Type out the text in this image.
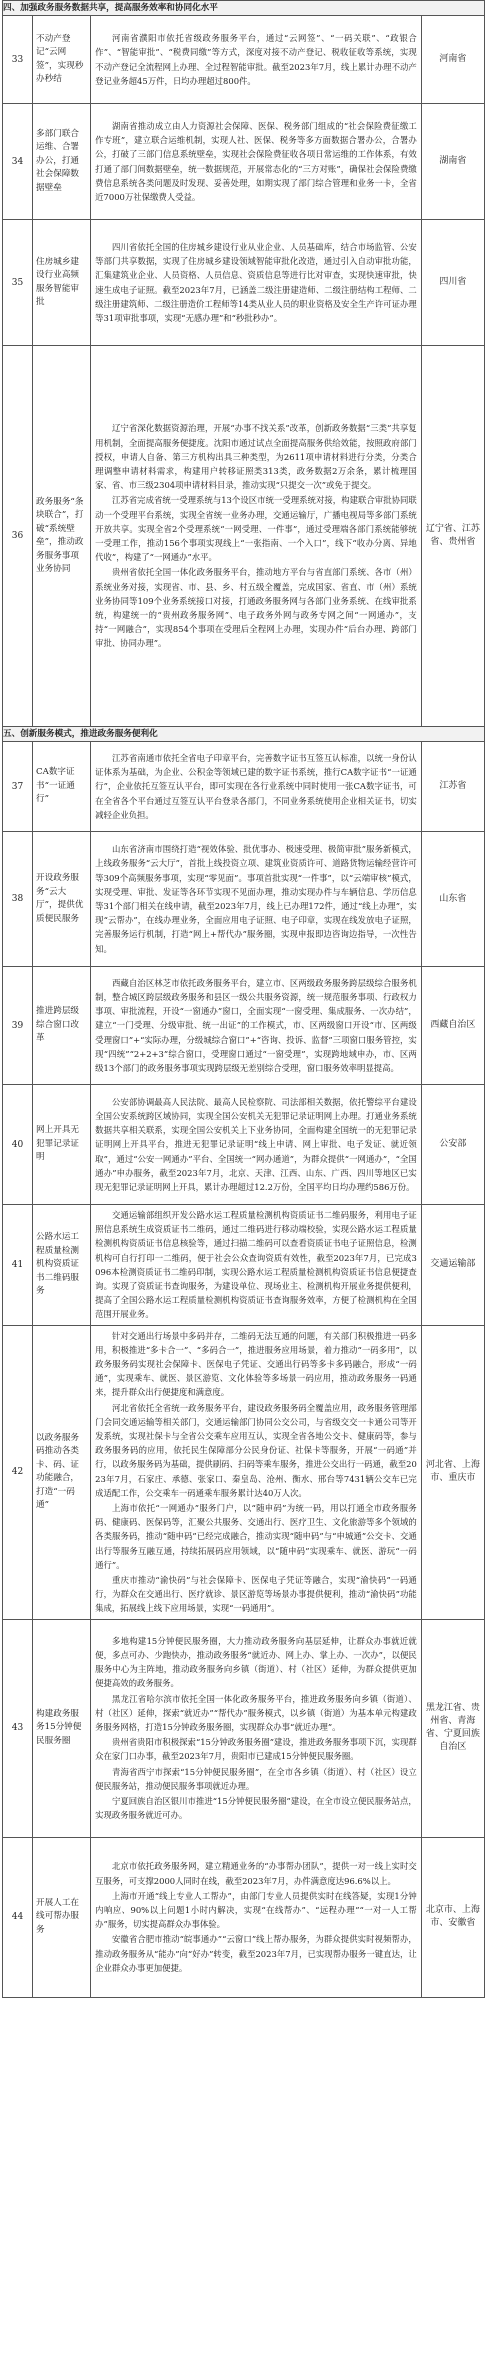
四、加强政务服务数据共享，提高服务效率和协同化水平			
33	不动产登记“云网签”，实现秒办秒结	河南省濮阳市依托省级政务服务平台，通过“云网签”、“一码关联”、“政银合作”、“智能审批”、“税费同缴”等方式，深度对接不动产登记、税收征收等系统，实现不动产登记全流程网上办理、全过程智能审批。截至2023年7月，线上累计办理不动产登记业务超45万件，日均办理超过800件。	河南省
34	多部门联合运维、合署办公，打通社会保障数据壁垒	湖南省推动成立由人力资源社会保障、医保、税务部门组成的“社会保险费征缴工作专班”，建立联合运维机制，实现人社、医保、税务等多方面数据合署办公，合署办公，打破了三部门信息系统壁垒，实现社会保险费征收各项日常运维的工作体系，有效打通了部门间数据壁垒，统一数据规范，开展常态化的“三方对账”，确保社会保险费缴费信息系统各类问题及时发现、妥善处理，如期实现了部门综合管理和业务一卡，全省近7000万社保缴费人受益。	湖南省
35	住房城乡建设行业高频服务智能审批	四川省依托全国的住房城乡建设行业从业企业、人员基础库，结合市场监管、公安等部门共享数据，实现了住房城乡建设领域智能审批化改造，通过引入自动审批功能，汇集建筑业企业、人员资格、人员信息、资质信息等进行比对审查，实现快速审批，快速生成电子证照。截至2023年7月，已涵盖二级注册建造师、二级注册结构工程师、二级注册建筑师、二级注册造价工程师等14类从业人员的职业资格及安全生产许可证办理等31项审批事项，实现“无感办理”和“秒批秒办”。	四川省
36	政务服务“条块联合”，打破“系统壁垒”，推动政务服务事项业务协同	辽宁省深化数据资源治理，开展“办事不找关系”改革，创新政务数据“三类”共享复用机制，全面提高服务便捷度。沈阳市通过试点全面提高服务供给效能，按照政府部门授权，申请人自备、第三方机构出具三种类型，为2611项申请材料进行分类，分类合理调整申请材料需求，构建用户转移证照类313类，政务数据2万余条，累计梳理国家、省、市三级2304项申请材料目录，推动实现“只提交一次”或免于提交。

江苏省完成省统一受理系统与13个设区市统一受理系统对接，构建联合审批协同联动一个受理平台系统，实现全省统一业务办理，交通运输厅，广播电视局等多部门系统开放共享。实现全省2个受理系统“一网受理、一件事”，通过受理端各部门系统能够统一受理工作，推动156个事项实现线上“一张指南、一个入口”，线下“收办分离、异地代收”，构建了“一网通办”水平。

贵州省依托全国一体化政务服务平台，推动地方平台与省直部门系统、各市（州）系统业务对接，实现省、市、县、乡、村五级全覆盖，完成国家、省直、市（州）系统业务协同等109个业务系统接口对接，打通政务服务网与各部门业务系统、在线审批系统，构建统一的“贵州政务服务网”、电子政务外网与政务专网之间“一网通办”，支持“一网融合”，实现854个事项在受理后全程网上办理，实现办件“后台办理、跨部门审批、协同办理”。	辽宁省、江苏省、贵州省
五、创新服务模式，推进政务服务便利化			
37	CA数字证书“一证通行”	江苏省南通市依托全省电子印章平台，完善数字证书互签互认标准，以统一身份认证体系为基础，为企业、公积金等领域已建的数字证书系统，推行CA数字证书“一证通行”，企业依托互签互认平台，即可实现在各行业系统中同时使用一张CA数字证书，可在全省各个平台通过互签互认平台登录各部门，不同业务系统使用企业相关证书，切实减轻企业负担。	江苏省
38	开设政务服务“云大厅”，提供优质便民服务	山东省济南市围绕打造“视效体验、批优事办、极速受理、极简审批”服务新模式，上线政务服务“云大厅”，首批上线投资立项、建筑业资质许可、道路货物运输经营许可等309个高频服务事项，实现“零见面”。事项首批实现“一件事”，以“云端审核”模式，实现受理、审批、发证等各环节实现不见面办理，推动实现办件与车辆信息、学历信息等31个部门相关在线申请，截至2023年7月，线上已办理172件，通过“线上办理”，实现“云帮办”，在线办理业务，全面应用电子证照、电子印章，实现在线发放电子证照，完善服务运行机制，打造“网上+帮代办”服务圈，实现申报即边咨询边指导，一次性告知。	山东省
39	推进跨层级综合窗口改革	西藏自治区林芝市依托政务服务平台，建立市、区两级政务服务跨层级综合服务机制，整合城区跨层级政务服务和县区一级公共服务资源，统一规范服务事项、行政权力事项、审批流程，开设“一窗通办”窗口，全面实现“一窗受理、集成服务、一次办结”，建立“一门受理、分级审批、统一出证”的工作模式，市、区两级窗口开设“市、区两级受理窗口”+“实际办理，分级城综合窗口”+“咨询、投诉、监督”三项窗口服务管控，实现“四统”“2+2+3”综合窗口，受理窗口通过“一窗受理”，实现跨地域申办，市、区两级13个部门的政务服务事项实现跨层级无差别综合受理，窗口服务效率明显提高。	西藏自治区
40	网上开具无犯罪记录证明	公安部协调最高人民法院、最高人民检察院、司法部相关数据，依托警综平台建设全国公安系统跨区域协同，实现全国公安机关无犯罪记录证明网上办理。打通业务系统数据共享相关联系，实现全国公安机关上下业务协同，全面构建全国统一的无犯罪记录证明网上开具平台，推进无犯罪记录证明“线上申请、网上审批、电子发证、就近领取”，通过“公安一网通办”平台、全国统一“网办通道”，为群众提供“一网通办”，“全国通办”申办服务，截至2023年7月，北京、天津、江西、山东、广西、四川等地区已实现无犯罪记录证明网上开具，累计办理超过12.2万份，全国平均日均办理约586万份。	公安部
41	公路水运工程质量检测机构资质证书二维码服务	交通运输部组织开发公路水运工程质量检测机构资质证书二维码服务，利用电子证照信息系统生成资质证书二维码，通过二维码进行移动端校验，实现公路水运工程质量检测机构资质证书信息核验等，通过扫描二维码可以查看资质证书电子证照信息，检测机构可自行打印一二维码，便于社会公众查询资质有效性，截至2023年7月，已完成3096本检测资质证书二维码印制，实现公路水运工程质量检测机构资质证书信息便捷查询。实现了资质证书查询服务，为建设单位、现场业主、检测机构开展业务提供便利，提高了全国公路水运工程质量检测机构资质证书查询服务效率，方便了检测机构在全国范围开展业务。	交通运输部
42	以政务服务码推动各类卡、码、证功能融合，打造“一码通”	针对交通出行场景中多码并存，二维码无法互通的问题，有关部门积极推进一码多用，积极推进“多卡合一”、“多码合一”，推进服务应用场景，着力推动“一码多用”，以政务服务码实现社会保障卡、医保电子凭证、交通出行码等多卡多码融合，形成“一码通”，实现乘车、就医、景区游览、文化体验等多场景一码应用，推动政务服务一码通来，提升群众出行便捷度和满意度。

河北省依托全省统一政务服务平台，建设政务服务码全覆盖应用，政务服务管理部门会同交通运输等相关部门，交通运输部门协同公交公司，与省级交交一卡通公司等开发系统，实现社保卡与全省公交乘车应用互认，实现全省各地公交卡、健康码等，参与政务服务码的应用，依托民生保障部分公民身份证、社保卡等服务，开展“一码通”并行，以政务服务码为基础，提供刷码、扫码等乘车服务，推进公交出行一码通，截至2023年7月，石家庄、承德、张家口、秦皇岛、沧州、衡水、邢台等7431辆公交车已完成适配工作，公交乘车一码通乘车服务累计达40万人次。

上海市依托“一网通办”服务门户，以“随申码”为统一码，用以打通全市政务服务码、健康码、医保码等，汇聚公共服务、交通出行、医疗卫生、文化旅游等多个领域的各类服务码，推动“随申码”已经完成融合，推动实现“随申码”与“申城通”公交卡、交通出行等服务互融互通，持续拓展码应用领域，以“随申码”实现乘车、就医、游玩“一码通行”。

重庆市推动“渝快码”与社会保障卡、医保电子凭证等融合，实现“渝快码”一码通行，为群众在交通出行、医疗就诊、景区游览等场景办事提供便利，推动“渝快码”功能集成，拓展线上线下应用场景，实现“一码通用”。	河北省、上海市、重庆市
43	构建政务服务15分钟便民服务圈	多地构建15分钟便民服务圈，大力推动政务服务向基层延伸，让群众办事就近就便，多点可办、少跑快办，推动政务服务“就近办、网上办、掌上办、一次办”，以便民服务中心为主阵地，推动政务服务向乡镇（街道）、村（社区）延伸，为群众提供更加便捷高效的政务服务。

黑龙江省哈尔滨市依托全国一体化政务服务平台，推进政务服务向乡镇（街道）、村（社区）延伸，探索“就近办”“帮代办”服务模式，以乡镇（街道）为基本单元构建政务服务网格，打造15分钟政务服务圈，实现群众办事“就近办理”。

贵州省贵阳市积极探索“15分钟政务服务圈”建设，推进政务服务事项下沉，实现群众在家门口办事，截至2023年7月，贵阳市已建成15分钟便民服务圈。

青海省西宁市探索“15分钟便民服务圈”，在全市各乡镇（街道）、村（社区）设立便民服务站，推动便民服务事项就近办理。

宁夏回族自治区银川市推进“15分钟便民服务圈”建设，在全市设立便民服务站点，实现政务服务就近可办。	黑龙江省、贵州省、青海省、宁夏回族自治区
44	开展人工在线可帮办服务	北京市依托政务服务网，建立精通业务的“办事帮办团队”，提供一对一线上实时交互服务，可支撑2000人同时在线，截至2023年7月，办件满意度达96.6%以上。

上海市开通“线上专业人工帮办”，由部门专业人员提供实时在线答疑，实现1分钟内响应、90%以上问题1小时内解决，实现“在线帮办”、“远程办理”“一对一人工帮办”服务，切实提高群众办事体验。

安徽省合肥市推动“皖事通办”“云窗口”线上帮办服务，为群众提供实时视频帮办，推动政务服务从“能办”向“好办”转变，截至2023年7月，已实现帮办服务一键直达，让企业群众办事更加便捷。	北京市、上海市、安徽省
